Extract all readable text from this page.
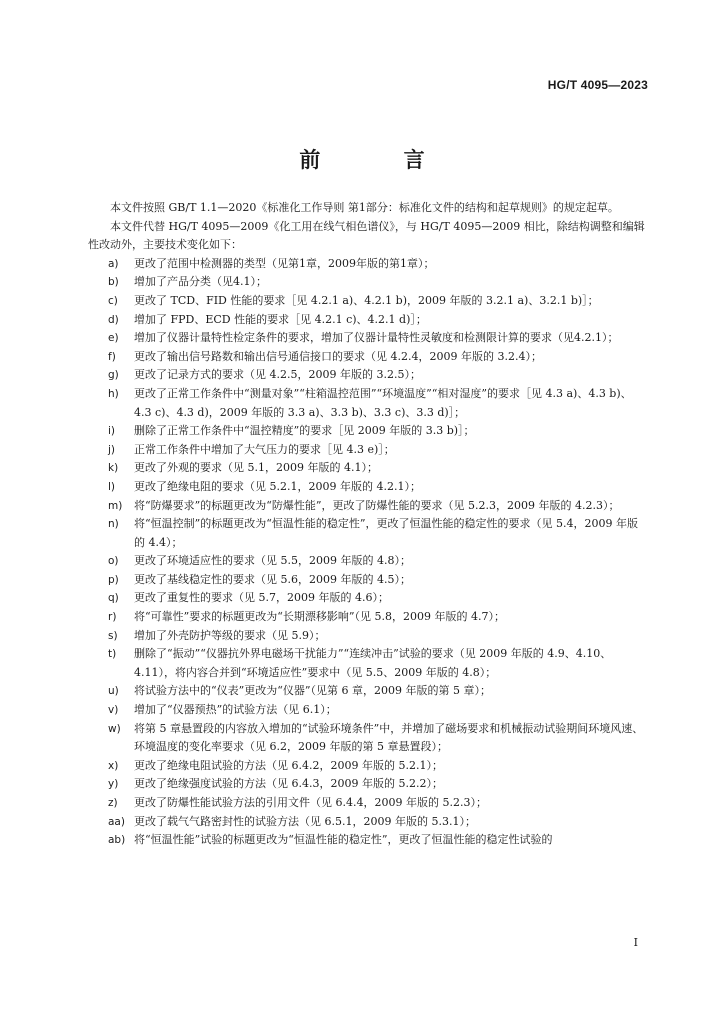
HG/T 4095—2023
前 言

本文件按照 GB/T 1.1—2020《标准化工作导则 第1部分：标准化文件的结构和起草规则》的规定起草。

本文件代替 HG/T 4095—2009《化工用在线气相色谱仪》，与 HG/T 4095—2009 相比，除结构调整和编辑性改动外，主要技术变化如下：

a) 更改了范围中检测器的类型（见第1章，2009年版的第1章）；
b) 增加了产品分类（见4.1）；
c) 更改了 TCD、FID 性能的要求［见 4.2.1 a)、4.2.1 b)，2009 年版的 3.2.1 a)、3.2.1 b)］；
d) 增加了 FPD、ECD 性能的要求［见 4.2.1 c)、4.2.1 d)］；
e) 增加了仪器计量特性检定条件的要求，增加了仪器计量特性灵敏度和检测限计算的要求（见4.2.1）；
f) 更改了输出信号路数和输出信号通信接口的要求（见 4.2.4，2009 年版的 3.2.4）；
g) 更改了记录方式的要求（见 4.2.5，2009 年版的 3.2.5）；
h) 更改了正常工作条件中“测量对象”“柱箱温控范围”“环境温度”“相对湿度”的要求［见 4.3 a)、4.3 b)、4.3 c)、4.3 d)，2009 年版的 3.3 a)、3.3 b)、3.3 c)、3.3 d)］；
i) 删除了正常工作条件中“温控精度”的要求［见 2009 年版的 3.3 b)］；
j) 正常工作条件中增加了大气压力的要求［见 4.3 e)］；
k) 更改了外观的要求（见 5.1，2009 年版的 4.1）；
l) 更改了绝缘电阻的要求（见 5.2.1，2009 年版的 4.2.1）；
m) 将“防爆要求”的标题更改为“防爆性能”，更改了防爆性能的要求（见 5.2.3，2009 年版的 4.2.3）；
n) 将“恒温控制”的标题更改为“恒温性能的稳定性”，更改了恒温性能的稳定性的要求（见 5.4，2009 年版的 4.4）；
o) 更改了环境适应性的要求（见 5.5，2009 年版的 4.8）；
p) 更改了基线稳定性的要求（见 5.6，2009 年版的 4.5）；
q) 更改了重复性的要求（见 5.7，2009 年版的 4.6）；
r) 将“可靠性”要求的标题更改为“长期漂移影响”（见 5.8，2009 年版的 4.7）；
s) 增加了外壳防护等级的要求（见 5.9）；
t) 删除了“振动”“仪器抗外界电磁场干扰能力”“连续冲击”试验的要求（见 2009 年版的 4.9、4.10、4.11），将内容合并到“环境适应性”要求中（见 5.5、2009 年版的 4.8）；
u) 将试验方法中的“仪表”更改为“仪器”（见第 6 章，2009 年版的第 5 章）；
v) 增加了“仪器预热”的试验方法（见 6.1）；
w) 将第 5 章悬置段的内容放入增加的“试验环境条件”中，并增加了磁场要求和机械振动试验期间环境风速、环境温度的变化率要求（见 6.2，2009 年版的第 5 章悬置段）；
x) 更改了绝缘电阻试验的方法（见 6.4.2，2009 年版的 5.2.1）；
y) 更改了绝缘强度试验的方法（见 6.4.3，2009 年版的 5.2.2）；
z) 更改了防爆性能试验方法的引用文件（见 6.4.4，2009 年版的 5.2.3）；
aa) 更改了载气气路密封性的试验方法（见 6.5.1，2009 年版的 5.3.1）；
ab) 将“恒温性能”试验的标题更改为“恒温性能的稳定性”，更改了恒温性能的稳定性试验的
I
